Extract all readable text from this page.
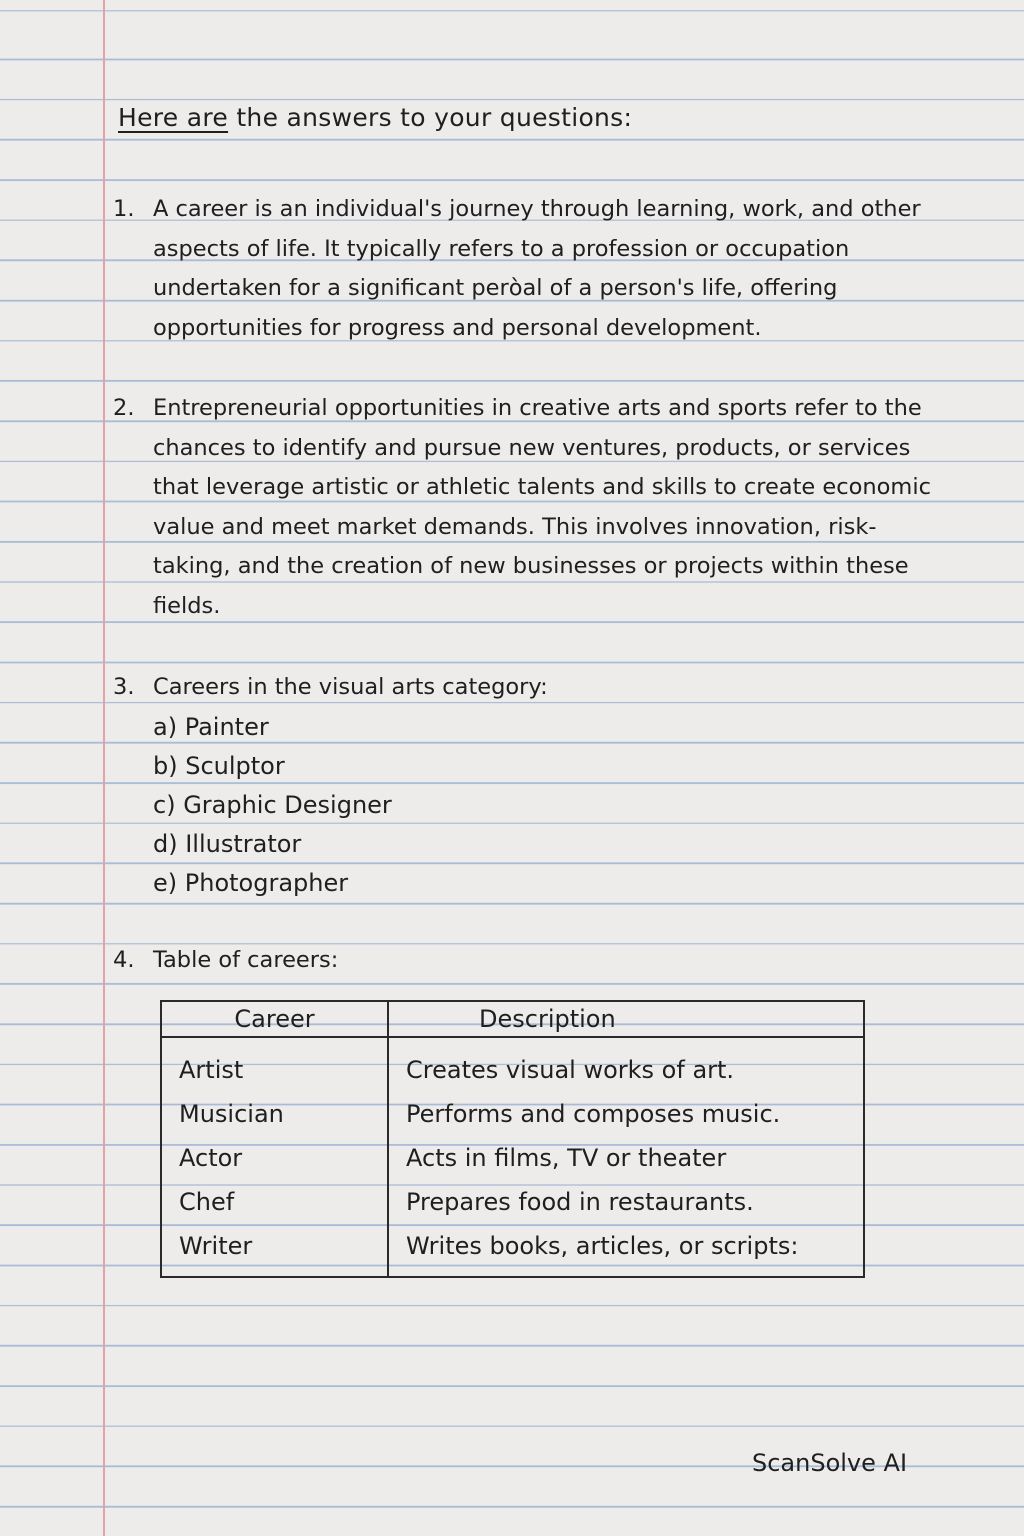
Here are the answers to your questions:
1. A career is an individual's journey through learning, work, and other aspects of life. It typically refers to a profession or occupation undertaken for a significant perὸal of a person's life, offering opportunities for progress and personal development.
2. Entrepreneurial opportunities in creative arts and sports refer to the chances to identify and pursue new ventures, products, or services that leverage artistic or athletic talents and skills to create economic value and meet market demands. This involves innovation, risk-taking, and the creation of new businesses or projects within these fields.
3. Careers in the visual arts category:
a) Painter
b) Sculptor
c) Graphic Designer
d) Illustrator
e) Photographer
4. Table of careers:
Career	Description
Artist	Creates visual works of art.
Musician	Performs and composes music.
Actor	Acts in films, TV or theater
Chef	Prepares food in restaurants.
Writer	Writes books, articles, or scripts:
ScanSolve AI
